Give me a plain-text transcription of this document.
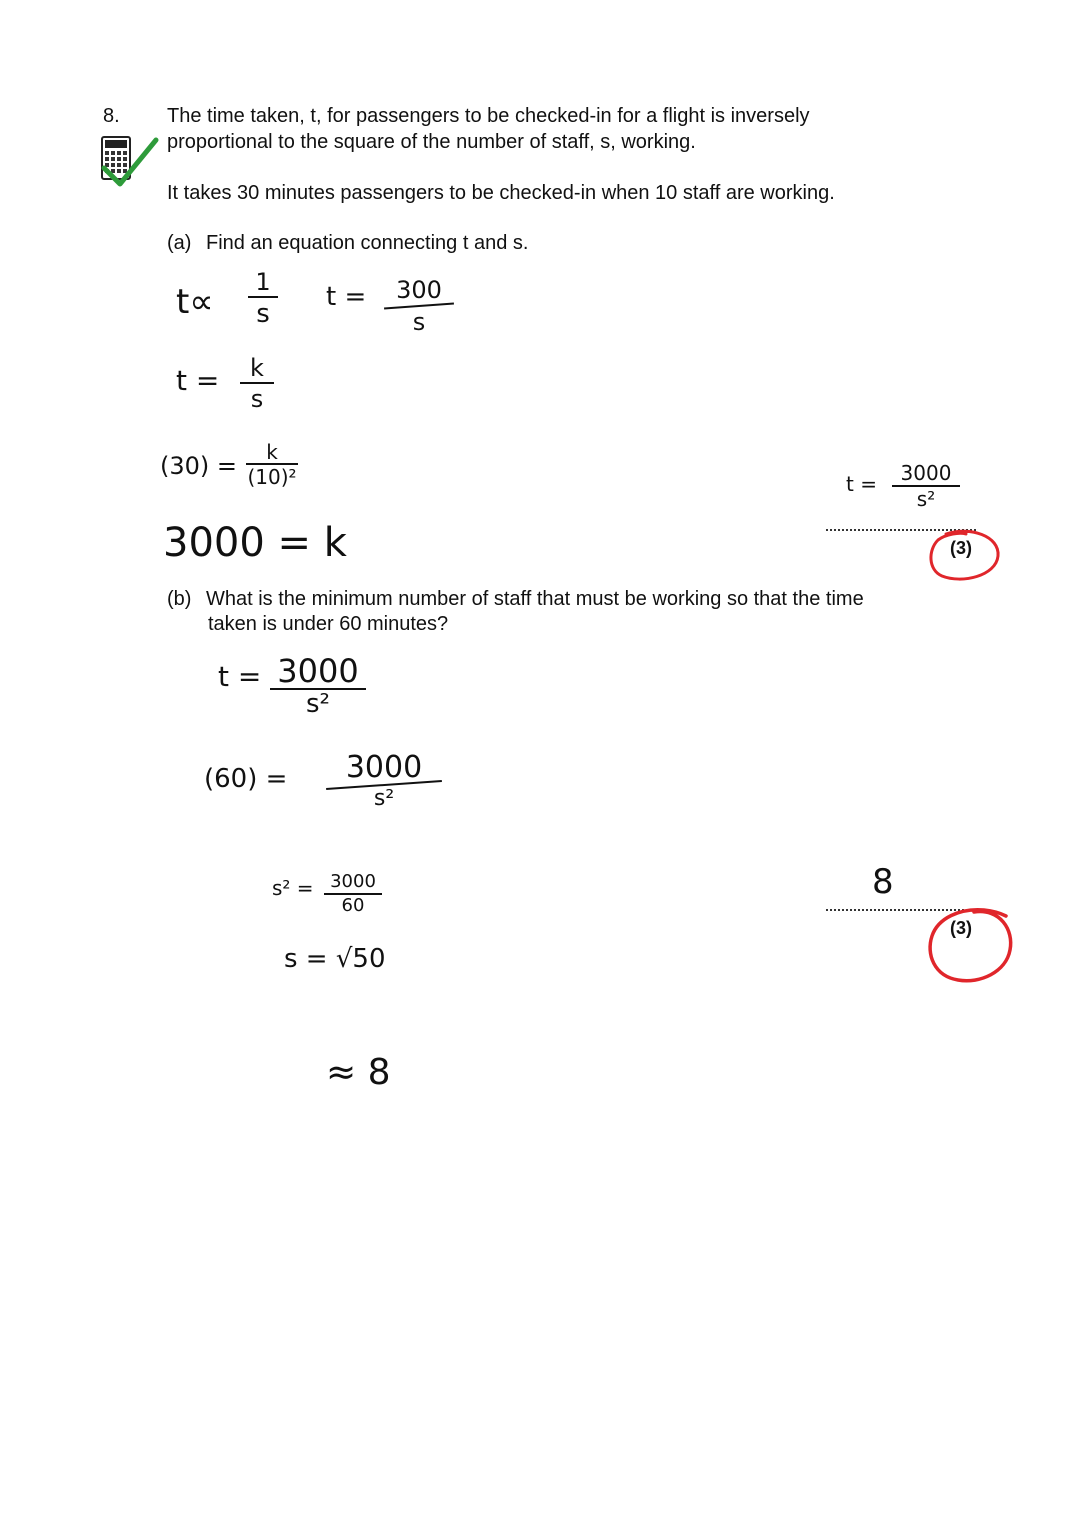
8. The time taken, t, for passengers to be checked-in for a flight is inversely
proportional to the square of the number of staff, s, working.
It takes 30 minutes passengers to be checked-in when 10 staff are working.
(a) Find an equation connecting t and s.
t∝	1
s
t =	300
s
t =	k
s
(30) =	k
(10)²
3000 = k
t =	3000
s²
(3)
(b) What is the minimum number of staff that must be working so that the time
taken is under 60 minutes?
t = 3000
s²
(60) =	3000
s²
s² = 3000
60
s = √50
≈ 8
8
(3)
